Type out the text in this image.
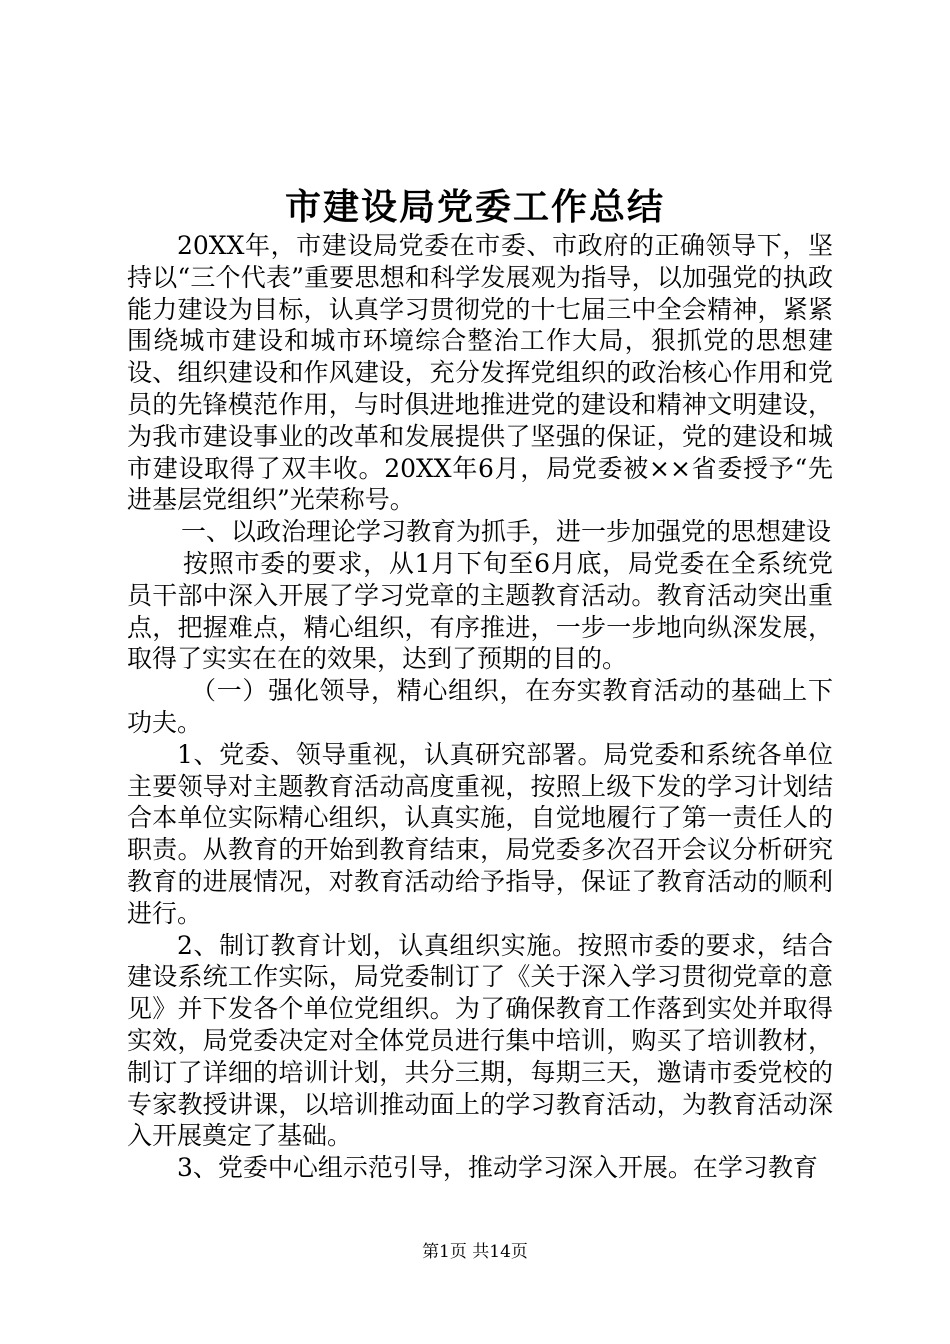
市建设局党委工作总结

20XX年，市建设局党委在市委、市政府的正确领导下，坚持以“三个代表”重要思想和科学发展观为指导，以加强党的执政能力建设为目标，认真学习贯彻党的十七届三中全会精神，紧紧围绕城市建设和城市环境综合整治工作大局，狠抓党的思想建设、组织建设和作风建设，充分发挥党组织的政治核心作用和党员的先锋模范作用，与时俱进地推进党的建设和精神文明建设，为我市建设事业的改革和发展提供了坚强的保证，党的建设和城市建设取得了双丰收。20XX年6月，局党委被××省委授予“先进基层党组织”光荣称号。

一、以政治理论学习教育为抓手，进一步加强党的思想建设

按照市委的要求，从1月下旬至6月底，局党委在全系统党员干部中深入开展了学习党章的主题教育活动。教育活动突出重点，把握难点，精心组织，有序推进，一步一步地向纵深发展，取得了实实在在的效果，达到了预期的目的。

（一）强化领导，精心组织，在夯实教育活动的基础上下功夫。

1、党委、领导重视，认真研究部署。局党委和系统各单位主要领导对主题教育活动高度重视，按照上级下发的学习计划结合本单位实际精心组织，认真实施，自觉地履行了第一责任人的职责。从教育的开始到教育结束，局党委多次召开会议分析研究教育的进展情况，对教育活动给予指导，保证了教育活动的顺利进行。

2、制订教育计划，认真组织实施。按照市委的要求，结合建设系统工作实际，局党委制订了《关于深入学习贯彻党章的意见》并下发各个单位党组织。为了确保教育工作落到实处并取得实效，局党委决定对全体党员进行集中培训，购买了培训教材，制订了详细的培训计划，共分三期，每期三天，邀请市委党校的专家教授讲课，以培训推动面上的学习教育活动，为教育活动深入开展奠定了基础。

3、党委中心组示范引导，推动学习深入开展。在学习教育

第1页 共14页
